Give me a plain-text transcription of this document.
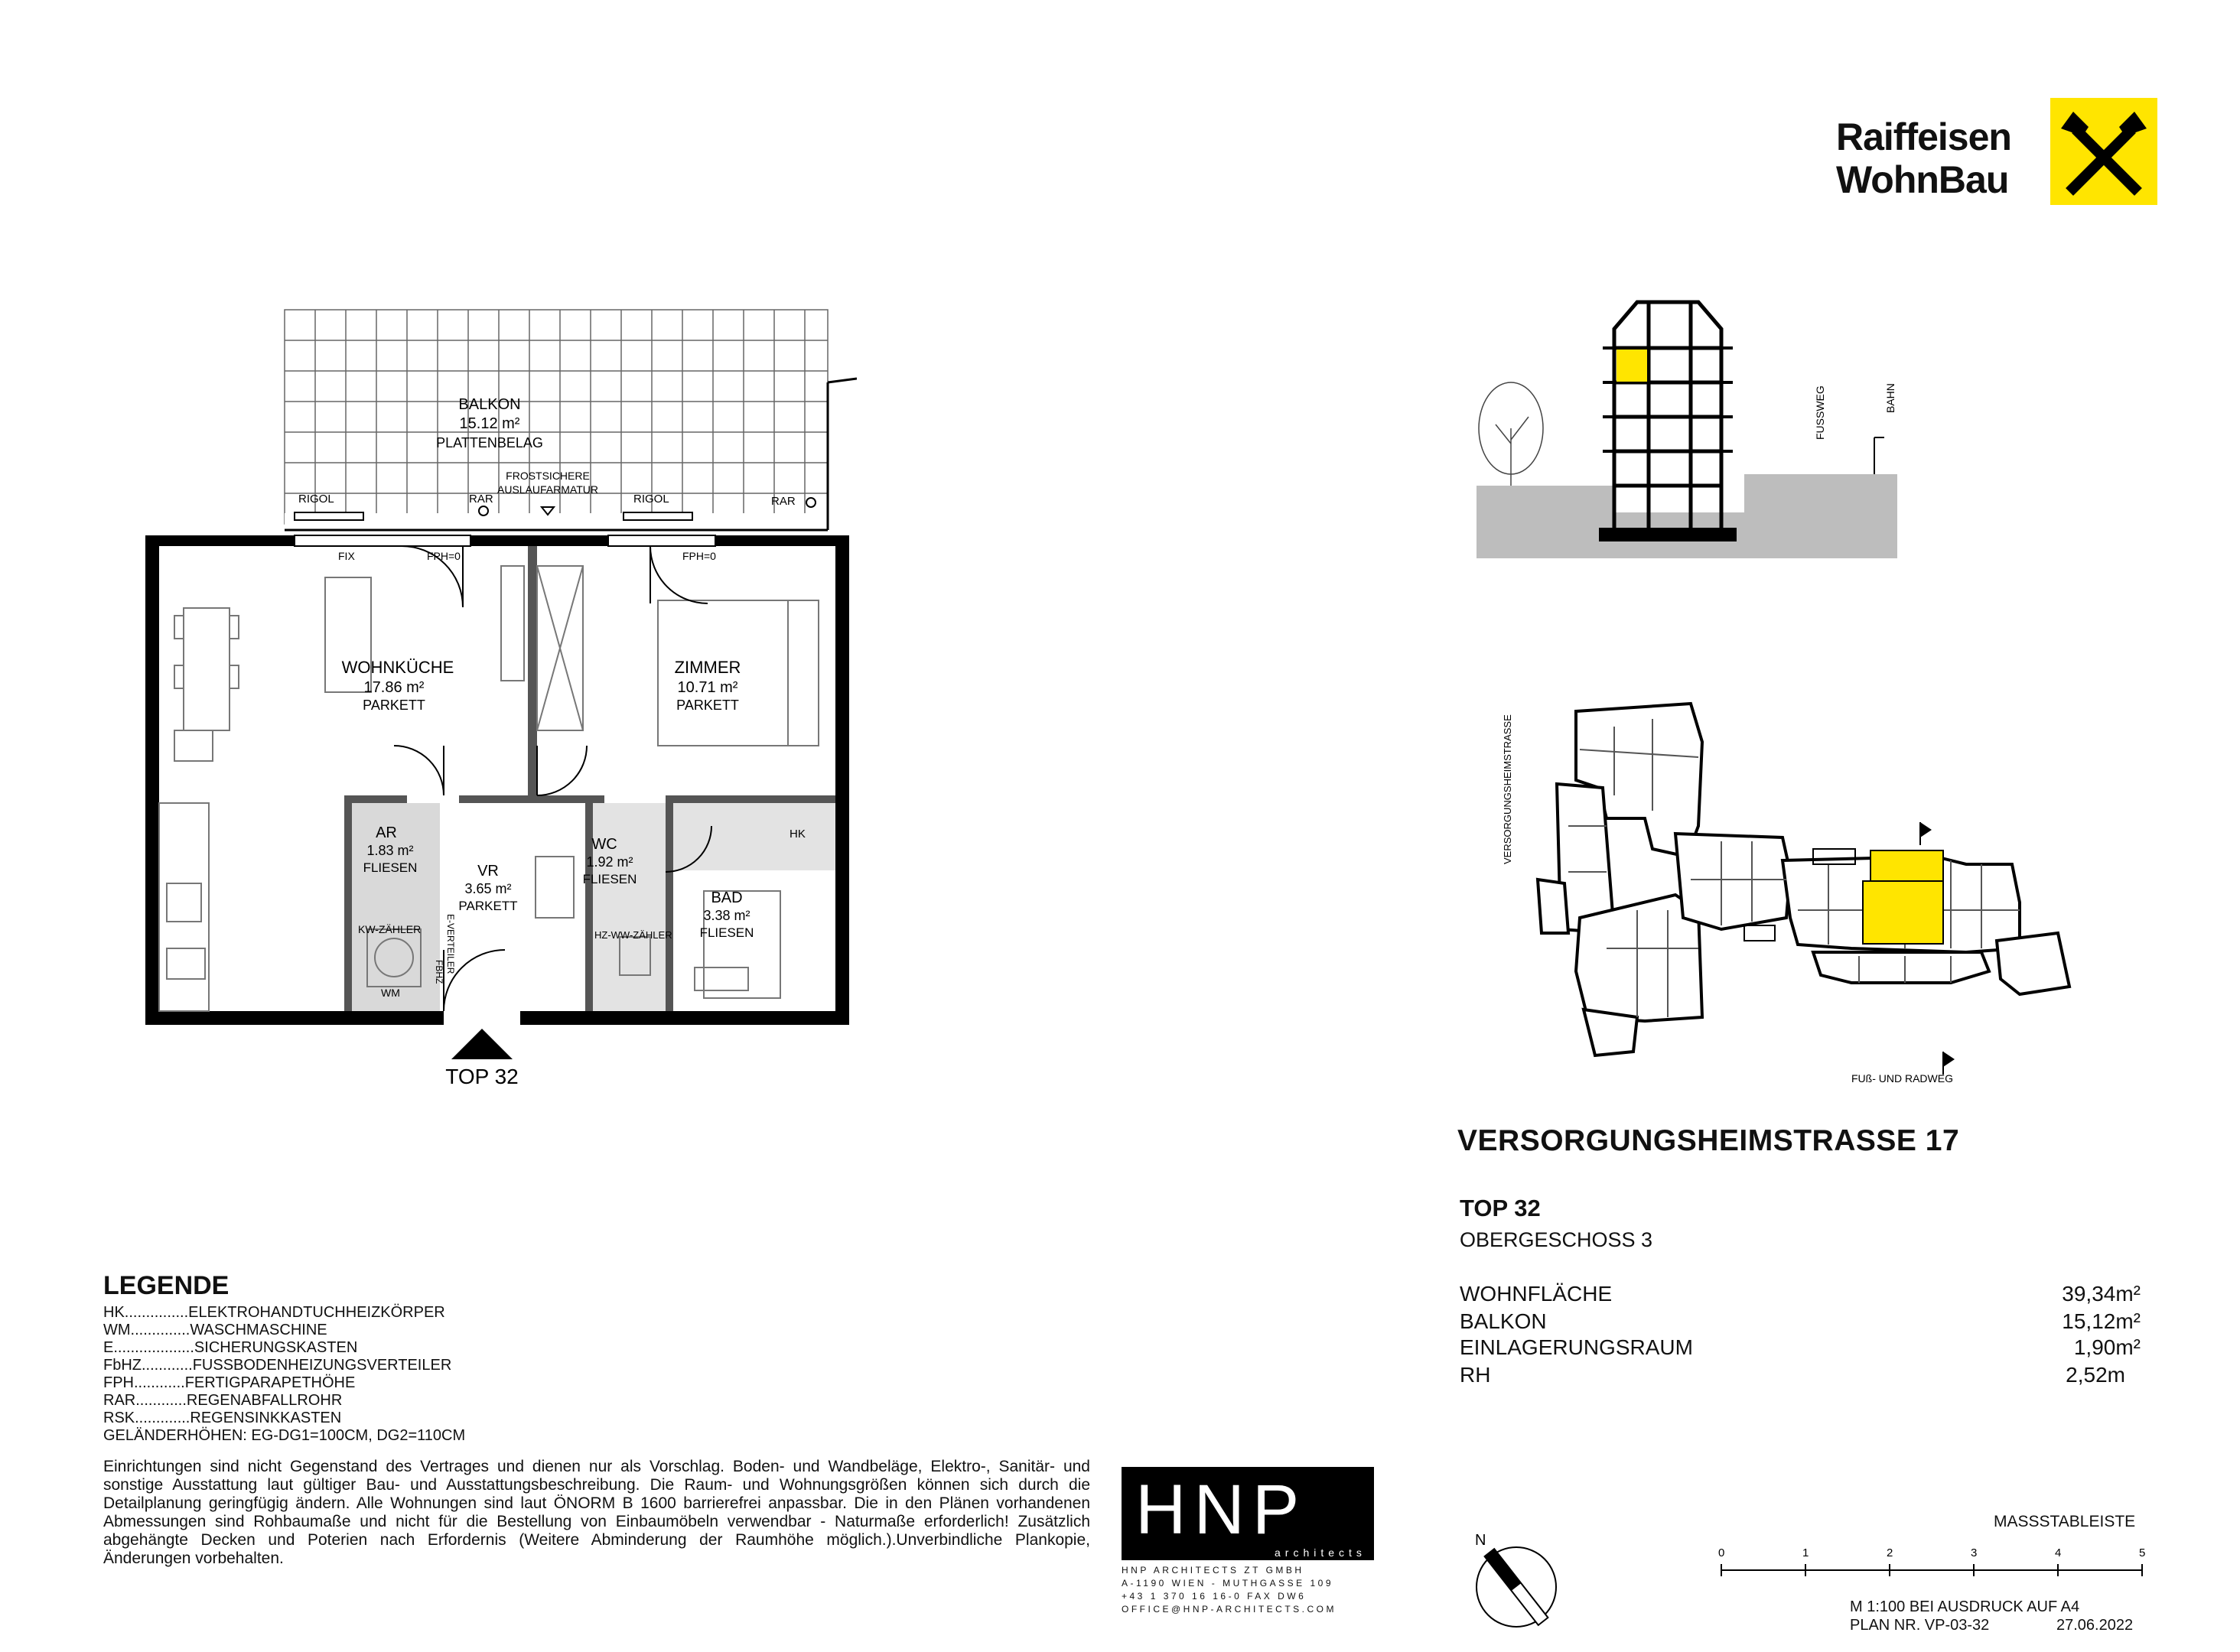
Raiffeisen
WohnBau
BALKON
15.12 m²
PLATTENBELAG
RIGOL	RIGOL
RAR	RAR
FROSTSICHERE
AUSLAUFARMATUR
FIX	FPH=0	FPH=0
WOHNKÜCHE
17.86 m²
PARKETT
ZIMMER
10.71 m²
PARKETT
AR
1.83 m²
FLIESEN	VR
3.65 m²
PARKETT
WC
1.92 m²
FLIESEN
BAD
3.38 m²
FLIESEN
HK
KW-ZÄHLER
WM
HZ-WW-ZÄHLER
E-VERTEILER
FBHZ
TOP 32
FUSSWEG	BAHN
VERSORGUNGSHEIMSTRASSE
FUß- UND RADWEG
VERSORGUNGSHEIMSTRASSE 17
TOP 32
OBERGESCHOSS 3
WOHNFLÄCHE	39,34m²
BALKON	15,12m²
EINLAGERUNGSRAUM	1,90m²
RH	2,52m
LEGENDE
HK...............ELEKTROHANDTUCHHEIZKÖRPER
WM..............WASCHMASCHINE
E...................SICHERUNGSKASTEN
FbHZ............FUSSBODENHEIZUNGSVERTEILER
FPH............FERTIGPARAPETHÖHE
RAR............REGENABFALLROHR
RSK.............REGENSINKKASTEN
GELÄNDERHÖHEN: EG-DG1=100CM, DG2=110CM
Einrichtungen sind nicht Gegenstand des Vertrages und dienen nur als Vorschlag. Boden- und Wandbeläge, Elektro-, Sanitär- und sonstige Ausstattung laut gültiger Bau- und Ausstattungsbeschreibung. Die Raum- und Wohnungsgrößen können sich durch die Detailplanung geringfügig ändern. Alle Wohnungen sind laut ÖNORM B 1600 barrierefrei anpassbar. Die in den Plänen vorhandenen Abmessungen sind Rohbaumaße und nicht für die Bestellung von Einbaumöbeln verwendbar - Naturmaße erforderlich! Zusätzlich abgehängte Decken und Poterien nach Erfordernis (Weitere Abminderung der Raumhöhe möglich.).Unverbindliche Plankopie, Änderungen vorbehalten.
HNP
architects
HNP ARCHITECTS ZT GMBH
A-1190 WIEN - MUTHGASSE 109
+43 1 370 16 16-0 FAX DW6
OFFICE@HNP-ARCHITECTS.COM
N
MASSSTABLEISTE
0	1	2	3	4	5
M 1:100 BEI AUSDRUCK AUF A4
PLAN NR. VP-03-32	27.06.2022
